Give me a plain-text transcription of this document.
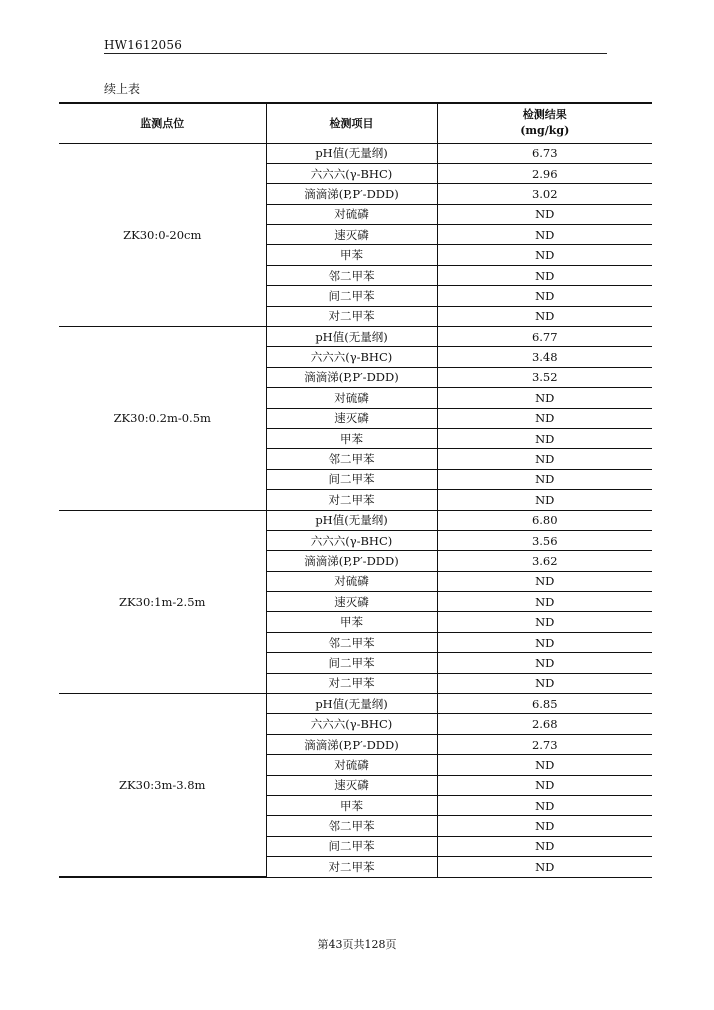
HW1612056
续上表
监测点位	检测项目	检测结果
(mg/kg)

ZK30:0-20cm	pH值(无量纲)	6.73
	六六六(γ-BHC)	2.96
	滴滴涕(P,P′-DDD)	3.02
	对硫磷	ND
	速灭磷	ND
	甲苯	ND
	邻二甲苯	ND
	间二甲苯	ND
	对二甲苯	ND
ZK30:0.2m-0.5m	pH值(无量纲)	6.77
	六六六(γ-BHC)	3.48
	滴滴涕(P,P′-DDD)	3.52
	对硫磷	ND
	速灭磷	ND
	甲苯	ND
	邻二甲苯	ND
	间二甲苯	ND
	对二甲苯	ND
ZK30:1m-2.5m	pH值(无量纲)	6.80
	六六六(γ-BHC)	3.56
	滴滴涕(P,P′-DDD)	3.62
	对硫磷	ND
	速灭磷	ND
	甲苯	ND
	邻二甲苯	ND
	间二甲苯	ND
	对二甲苯	ND
ZK30:3m-3.8m	pH值(无量纲)	6.85
	六六六(γ-BHC)	2.68
	滴滴涕(P,P′-DDD)	2.73
	对硫磷	ND
	速灭磷	ND
	甲苯	ND
	邻二甲苯	ND
	间二甲苯	ND
	对二甲苯	ND
第43页共128页
